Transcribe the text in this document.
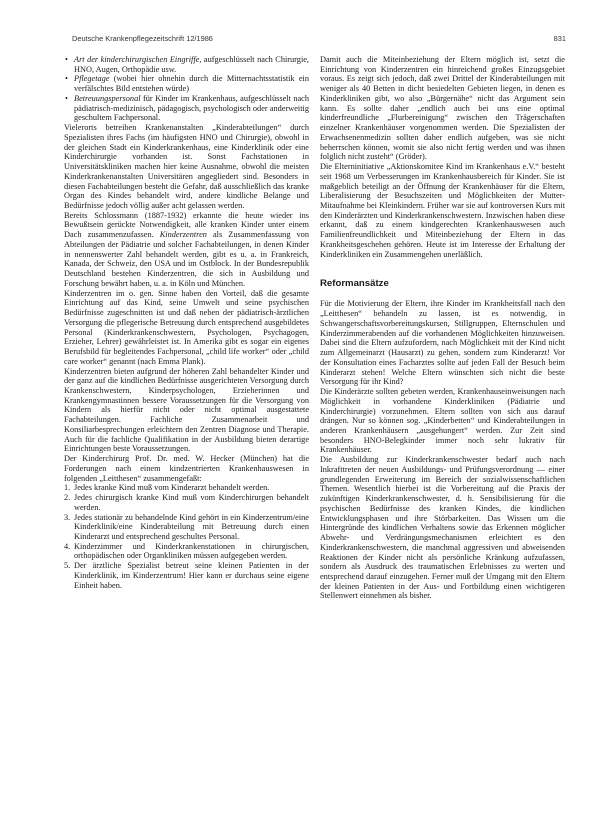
Deutsche Krankenpflegezeitschrift 12/1986	831
• Art der kinderchirurgischen Eingriffe, aufgeschlüsselt nach Chirurgie, HNO, Augen, Orthopädie usw.
• Pflegetage (wobei hier ohnehin durch die Mitternachtsstatistik ein verfälschtes Bild entstehen würde)
• Betreuungspersonal für Kinder im Krankenhaus, aufgeschlüsselt nach pädiatrisch-medizinisch, pädagogisch, psychologisch oder anderweitig geschultem Fachpersonal.

Vielerorts betreiben Krankenanstalten „Kinderabteilungen“ durch Spezialisten ihres Fachs (im häufigsten HNO und Chirurgie), obwohl in der gleichen Stadt ein Kinderkrankenhaus, eine Kinderklinik oder eine Kinderchirurgie vorhanden ist. Sonst Fachstationen in Universitätskliniken machen hier keine Ausnahme, obwohl die meisten Kinderkrankenanstalten Universitären angegliedert sind. Besonders in diesen Fachabteilungen besteht die Gefahr, daß ausschließlich das kranke Organ des Kindes behandelt wird, andere kindliche Belange und Bedürfnisse jedoch völlig außer acht gelassen werden.

Bereits Schlossmann (1887-1932) erkannte die heute wieder ins Bewußtsein gerückte Notwendigkeit, alle kranken Kinder unter einem Dach zusammenzufassen. Kinderzentren als Zusammenfassung von Abteilungen der Pädiatrie und solcher Fachabteilungen, in denen Kinder in nennenswerter Zahl behandelt werden, gibt es u. a. in Frankreich, Kanada, der Schweiz, den USA und im Ostblock. In der Bundesrepublik Deutschland bestehen Kinderzentren, die sich in Ausbildung und Forschung bewährt haben, u. a. in Köln und München.

Kinderzentren im o. gen. Sinne haben den Vorteil, daß die gesamte Einrichtung auf das Kind, seine Umwelt und seine psychischen Bedürfnisse zugeschnitten ist und daß neben der pädiatrisch-ärztlichen Versorgung die pflegerische Betreuung durch entsprechend ausgebildetes Personal (Kinderkrankenschwestern, Psychologen, Psychagogen, Erzieher, Lehrer) gewährleistet ist. In Amerika gibt es sogar ein eigenes Berufsbild für begleitendes Fachpersonal, „child life worker“ oder „child care worker“ genannt (nach Emma Plank).

Kinderzentren bieten aufgrund der höheren Zahl behandelter Kinder und der ganz auf die kindlichen Bedürfnisse ausgerichteten Versorgung durch Krankenschwestern, Kinderpsychologen, Erzieherinnen und Krankengymnastinnen bessere Voraussetzungen für die Versorgung von Kindern als hierfür nicht oder nicht optimal ausgestattete Fachabteilungen. Fachliche Zusammenarbeit und Konsiliarbesprechungen erleichtern den Zentren Diagnose und Therapie. Auch für die fachliche Qualifikation in der Ausbildung bieten derartige Einrichtungen beste Voraussetzungen.

Der Kinderchirurg Prof. Dr. med. W. Hecker (München) hat die Forderungen nach einem kindzentrierten Krankenhauswesen in folgenden „Leitthesen“ zusammengefaßt:

1. Jedes kranke Kind muß vom Kinderarzt behandelt werden.
2. Jedes chirurgisch kranke Kind muß vom Kinderchirurgen behandelt werden.
3. Jedes stationär zu behandelnde Kind gehört in ein Kinderzentrum/eine Kinderklinik/eine Kinderabteilung mit Betreuung durch einen Kinderarzt und entsprechend geschultes Personal.
4. Kinderzimmer und Kinderkrankenstationen in chirurgischen, orthopädischen oder Organkliniken müssen aufgegeben werden.
5. Der ärztliche Spezialist betreut seine kleinen Patienten in der Kinderklinik, im Kinderzentrum! Hier kann er durchaus seine eigene Einheit haben.

Damit auch die Miteinbeziehung der Eltern möglich ist, setzt die Einrichtung von Kinderzentren ein hinreichend großes Einzugsgebiet voraus. Es zeigt sich jedoch, daß zwei Drittel der Kinderabteilungen mit weniger als 40 Betten in dicht besiedelten Gebieten liegen, in denen es Kinderkliniken gibt, wo also „Bürgernähe“ nicht das Argument sein kann. Es sollte daher „endlich auch bei uns eine optimal kinderfreundliche „Flurbereinigung“ zwischen den Trägerschaften einzelner Krankenhäuser vorgenommen werden. Die Spezialisten der Erwachsenenmedizin sollten daher endlich aufgeben, was sie nicht beherrschen können, womit sie also nicht fertig werden und was ihnen folglich nicht zusteht“ (Gröder).

Die Elterninitiative „Aktionskomitee Kind im Krankenhaus e.V.“ besteht seit 1968 um Verbesserungen im Krankenhausbereich für Kinder. Sie ist maßgeblich beteiligt an der Öffnung der Krankenhäuser für die Eltern, Liberalisierung der Besuchszeiten und Möglichkeiten der Mutter-Mitaufnahme bei Kleinkindern. Früher war sie auf kontroversen Kurs mit den Kinderärzten und Kinderkrankenschwestern. Inzwischen haben diese erkannt, daß zu einem kindgerechten Krankenhauswesen auch Familienfreundlichkeit und Miteinbeziehung der Eltern in das Krankheitsgeschehen gehören. Heute ist im Interesse der Erhaltung der Kinderkliniken ein Zusammengehen unerläßlich.

Reformansätze

Für die Motivierung der Eltern, ihre Kinder im Krankheitsfall nach den „Leitthesen“ behandeln zu lassen, ist es notwendig, in Schwangerschaftsvorbereitungskursen, Stillgruppen, Elternschulen und Kinderzimmerabenden auf die vorhandenen Möglichkeiten hinzuweisen. Dabei sind die Eltern aufzufordern, nach Möglichkeit mit der Kind nicht zum Allgemeinarzt (Hausarzt) zu gehen, sondern zum Kinderarzt! Vor der Konsultation eines Facharztes sollte auf jeden Fall der Besuch beim Kinderarzt stehen! Welche Eltern wünschten sich nicht die beste Versorgung für ihr Kind?

Die Kinderärzte sollten gebeten werden, Krankenhauseinweisungen nach Möglichkeit in vorhandene Kinderkliniken (Pädiatrie und Kinderchirurgie) vorzunehmen. Eltern sollten von sich aus darauf drängen. Nur so können sog. „Kinderbetten“ und Kinderabteilungen in anderen Krankenhäusern „ausgehungert“ werden. Zur Zeit sind besonders HNO-Belegkinder immer noch sehr lukrativ für Krankenhäuser.

Die Ausbildung zur Kinderkrankenschwester bedarf auch nach Inkrafttreten der neuen Ausbildungs- und Prüfungsverordnung — einer grundlegenden Erweiterung im Bereich der sozialwissenschaftlichen Themen. Wesentlich hierbei ist die Vorbereitung auf die Praxis der zukünftigen Kinderkrankenschwester, d. h. Sensibilisierung für die psychischen Bedürfnisse des kranken Kindes, die kindlichen Entwicklungsphasen und ihre Störbarkeiten. Das Wissen um die Hintergründe des kindlichen Verhaltens sowie das Erkennen möglicher Abwehr- und Verdrängungsmechanismen erleichtert es den Kinderkrankenschwestern, die manchmal aggressiven und abweisenden Reaktionen der Kinder nicht als persönliche Kränkung aufzufassen, sondern als Ausdruck des traumatischen Erlebnisses zu werten und entsprechend darauf einzugehen. Ferner muß der Umgang mit den Eltern der kleinen Patienten in der Aus- und Fortbildung einen wichtigeren Stellenwert einnehmen als bisher.
